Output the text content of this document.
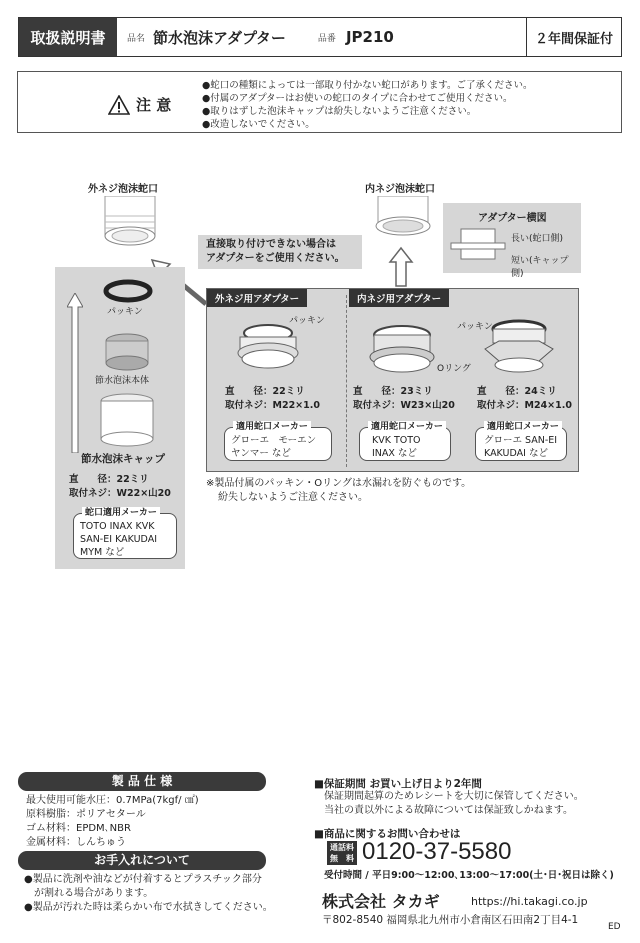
取扱説明書	品名 節水泡沫アダプター	品番 JP210	２年間保証付
注 意
●蛇口の種類によっては一部取り付かない蛇口があります。ご了承ください。
●付属のアダプターはお使いの蛇口のタイプに合わせてご使用ください。
●取りはずした泡沫キャップは紛失しないようご注意ください。
●改造しないでください。
外ネジ泡沫蛇口	内ネジ泡沫蛇口
直接取り付けできない場合は
アダプターをご使用ください。
アダプター横図
長い(蛇口側)
短い(キャップ側)
パッキン
節水泡沫本体
節水泡沫キャップ
直　　径：22ミリ
取付ネジ：W22×山20
蛇口適用メーカー
TOTO INAX KVK
SAN-EI KAKUDAI
MYM など
外ネジ用アダプター	内ネジ用アダプター
パッキン
直　　径：22ミリ
取付ネジ：M22×1.0
適用蛇口メーカー
グローエ　モーエン
ヤンマー など
Oリング
直　　径：23ミリ
取付ネジ：W23×山20
適用蛇口メーカー
KVK TOTO
INAX など
パッキン
直　　径：24ミリ
取付ネジ：M24×1.0
適用蛇口メーカー
グローエ SAN-EI
KAKUDAI など
※製品付属のパッキン・Oリングは水漏れを防ぐものです。
紛失しないようご注意ください。
製 品 仕 様
最大使用可能水圧：0.7MPa(7kgf/ ㎠)
原料樹脂：ポリアセタール
ゴム材料：EPDM､NBR
金属材料：しんちゅう
お手入れについて
●製品に洗剤や油などが付着するとプラスチック部分
　が割れる場合があります。
●製品が汚れた時は柔らかい布で水拭きしてください。
■保証期間 お買い上げ日より2年間
保証期間起算のためレシートを大切に保管してください。
当社の責以外による故障については保証致しかねます。
■商品に関するお問い合わせは
通話料
無　料 0120-37-5580
受付時間 / 平日9:00～12:00､13:00～17:00(土･日･祝日は除く)
株式会社 タカギ	https://hi.takagi.co.jp
〒802-8540 福岡県北九州市小倉南区石田南2丁目4-1
ED
